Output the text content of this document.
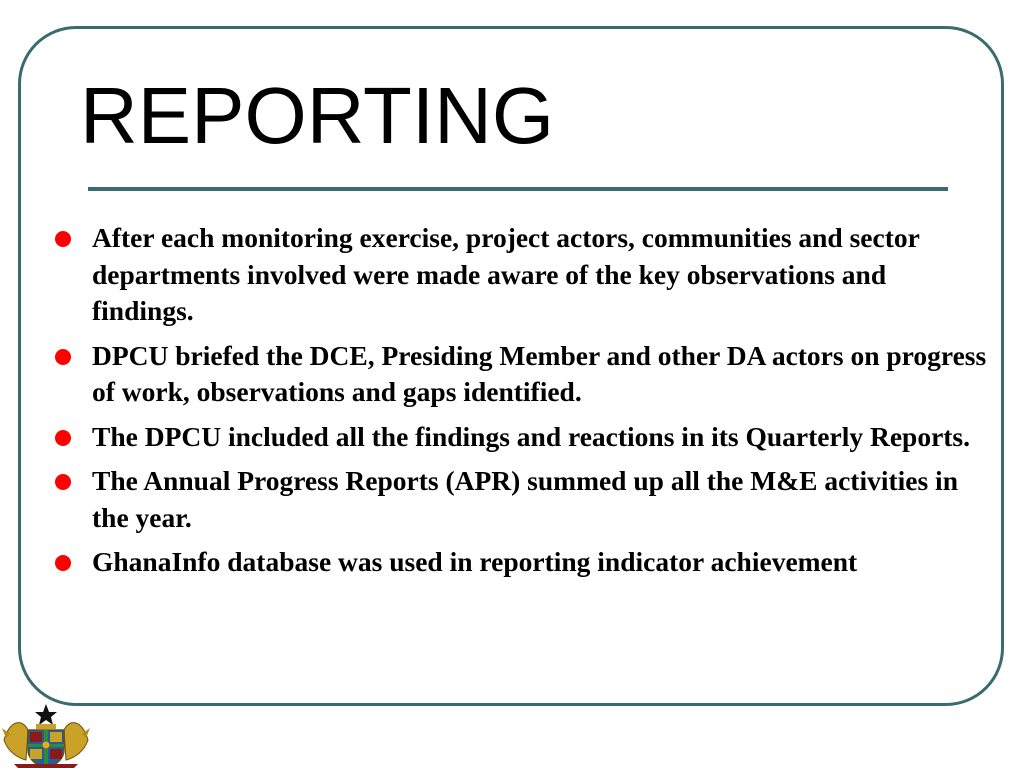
REPORTING
After each monitoring exercise, project actors, communities and sector departments involved were made aware of the key observations and findings.
DPCU briefed the DCE, Presiding Member and other DA actors on progress of work, observations and gaps identified.
The DPCU included all the findings and reactions in its Quarterly Reports.
The Annual Progress Reports (APR) summed up all the M&E activities in the year.
GhanaInfo database was used in reporting indicator achievement
